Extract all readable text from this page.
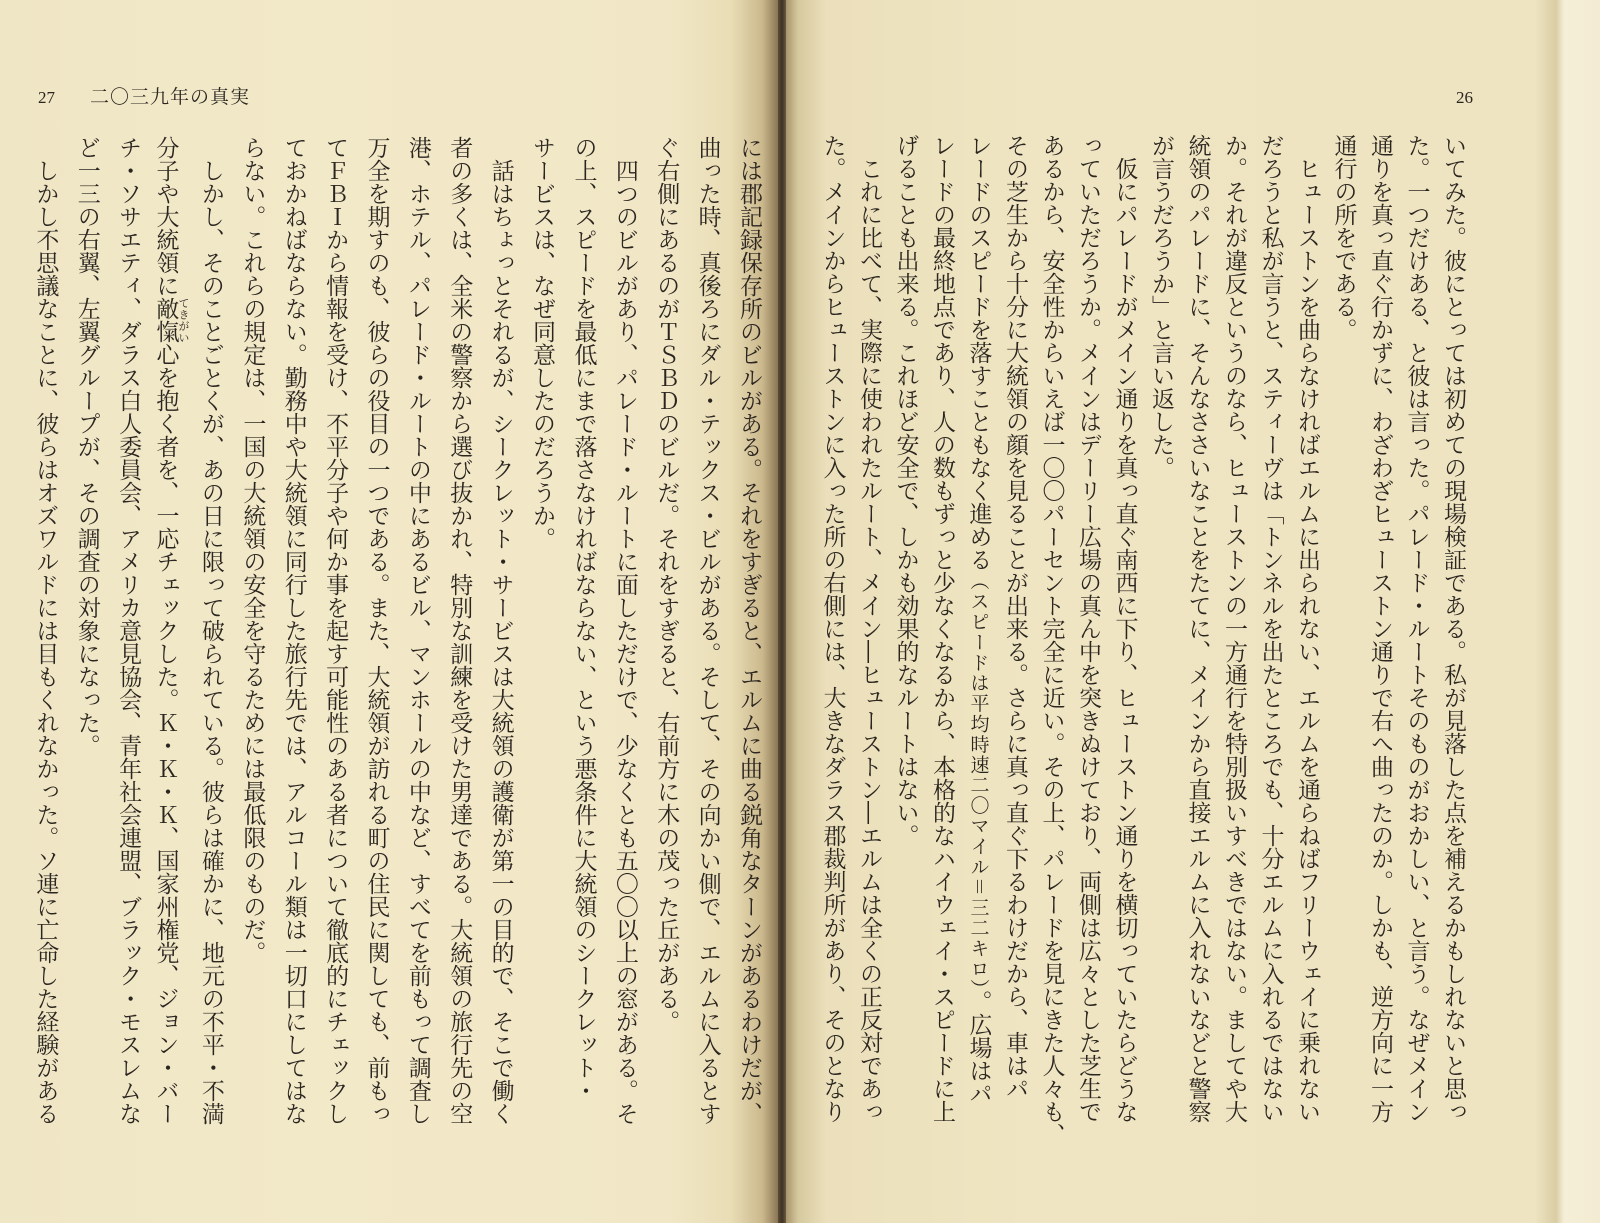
27 二〇三九年の真実
には郡記録保存所のビルがある。それをすぎると、エルムに曲る鋭角なターンがあるわけだが、
曲った時、真後ろにダル・テックス・ビルがある。そして、その向かい側で、エルムに入るとす
ぐ右側にあるのがＴＳＢＤのビルだ。それをすぎると、右前方に木の茂った丘がある。
　四つのビルがあり、パレード・ルートに面しただけで、少なくとも五〇〇以上の窓がある。そ
の上、スピードを最低にまで落さなければならない、という悪条件に大統領のシークレット・
サービスは、なぜ同意したのだろうか。
　話はちょっとそれるが、シークレット・サービスは大統領の護衛が第一の目的で、そこで働く
者の多くは、全米の警察から選び抜かれ、特別な訓練を受けた男達である。大統領の旅行先の空
港、ホテル、パレード・ルートの中にあるビル、マンホールの中など、すべてを前もって調査し
万全を期すのも、彼らの役目の一つである。また、大統領が訪れる町の住民に関しても、前もっ
てＦＢＩから情報を受け、不平分子や何か事を起す可能性のある者について徹底的にチェックし
ておかねばならない。勤務中や大統領に同行した旅行先では、アルコール類は一切口にしてはな
らない。これらの規定は、一国の大統領の安全を守るためには最低限のものだ。
　しかし、そのことごとくが、あの日に限って破られている。彼らは確かに、地元の不平・不満
分子や大統領に敵愾てきがい心を抱く者を、一応チェックした。Ｋ・Ｋ・Ｋ、国家州権党、ジョン・バー
チ・ソサエティ、ダラス白人委員会、アメリカ意見協会、青年社会連盟、ブラック・モスレムな
ど一三の右翼、左翼グループが、その調査の対象になった。
　しかし不思議なことに、彼らはオズワルドには目もくれなかった。ソ連に亡命した経験がある
26
いてみた。彼にとっては初めての現場検証である。私が見落した点を補えるかもしれないと思っ
た。一つだけある、と彼は言った。パレード・ルートそのものがおかしい、と言う。なぜメイン
通りを真っ直ぐ行かずに、わざわざヒューストン通りで右へ曲ったのか。しかも、逆方向に一方
通行の所をである。
　ヒューストンを曲らなければエルムに出られない、エルムを通らねばフリーウェイに乗れない
だろうと私が言うと、スティーヴは「トンネルを出たところでも、十分エルムに入れるではない
か。それが違反というのなら、ヒューストンの一方通行を特別扱いすべきではない。ましてや大
統領のパレードに、そんなささいなことをたてに、メインから直接エルムに入れないなどと警察
が言うだろうか」と言い返した。
　仮にパレードがメイン通りを真っ直ぐ南西に下り、ヒューストン通りを横切っていたらどうな
っていただろうか。メインはデーリー広場の真ん中を突きぬけており、両側は広々とした芝生で
あるから、安全性からいえば一〇〇パーセント完全に近い。その上、パレードを見にきた人々も、
その芝生から十分に大統領の顔を見ることが出来る。さらに真っ直ぐ下るわけだから、車はパ
レードのスピードを落すこともなく進める（スピードは平均時速二〇マイル＝三二キロ）。広場はパ
レードの最終地点であり、人の数もずっと少なくなるから、本格的なハイウェイ・スピードに上
げることも出来る。これほど安全で、しかも効果的なルートはない。
　これに比べて、実際に使われたルート、メイン―ヒューストン―エルムは全くの正反対であっ
た。メインからヒューストンに入った所の右側には、大きなダラス郡裁判所があり、そのとなり
